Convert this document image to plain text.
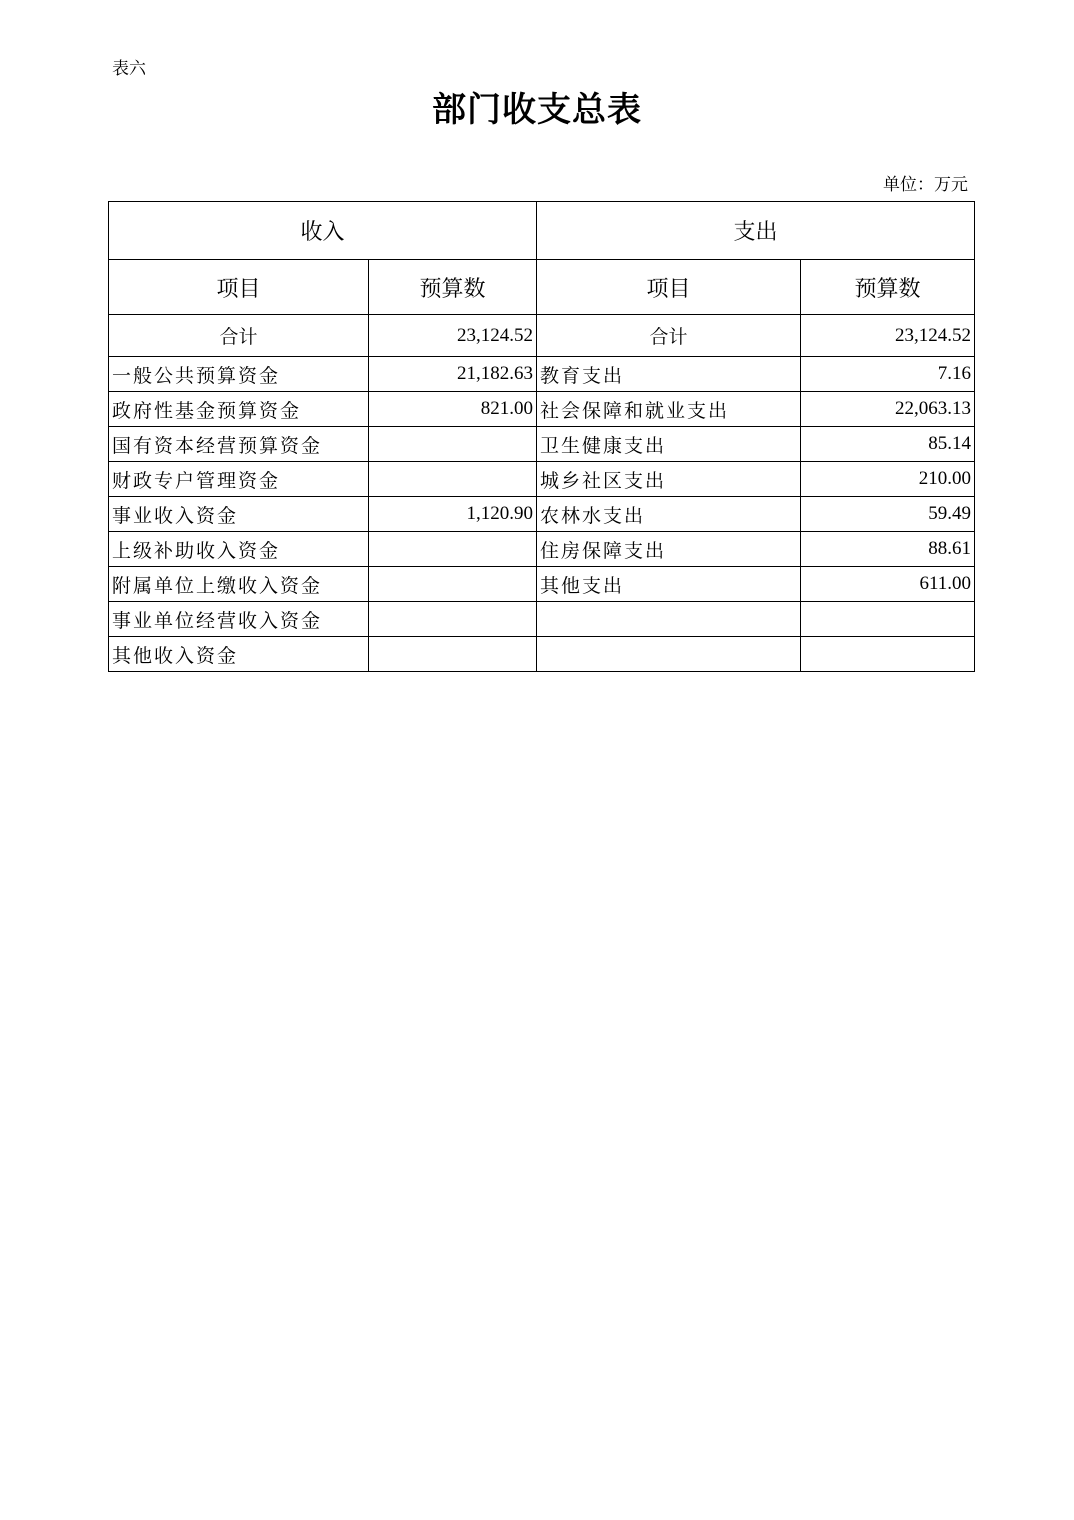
表六
部门收支总表
单位：万元
收入		支出	
项目	预算数	项目	预算数
合计	23,124.52	合计	23,124.52
一般公共预算资金	21,182.63	教育支出	7.16
政府性基金预算资金	821.00	社会保障和就业支出	22,063.13
国有资本经营预算资金		卫生健康支出	85.14
财政专户管理资金		城乡社区支出	210.00
事业收入资金	1,120.90	农林水支出	59.49
上级补助收入资金		住房保障支出	88.61
附属单位上缴收入资金		其他支出	611.00
事业单位经营收入资金			
其他收入资金			
